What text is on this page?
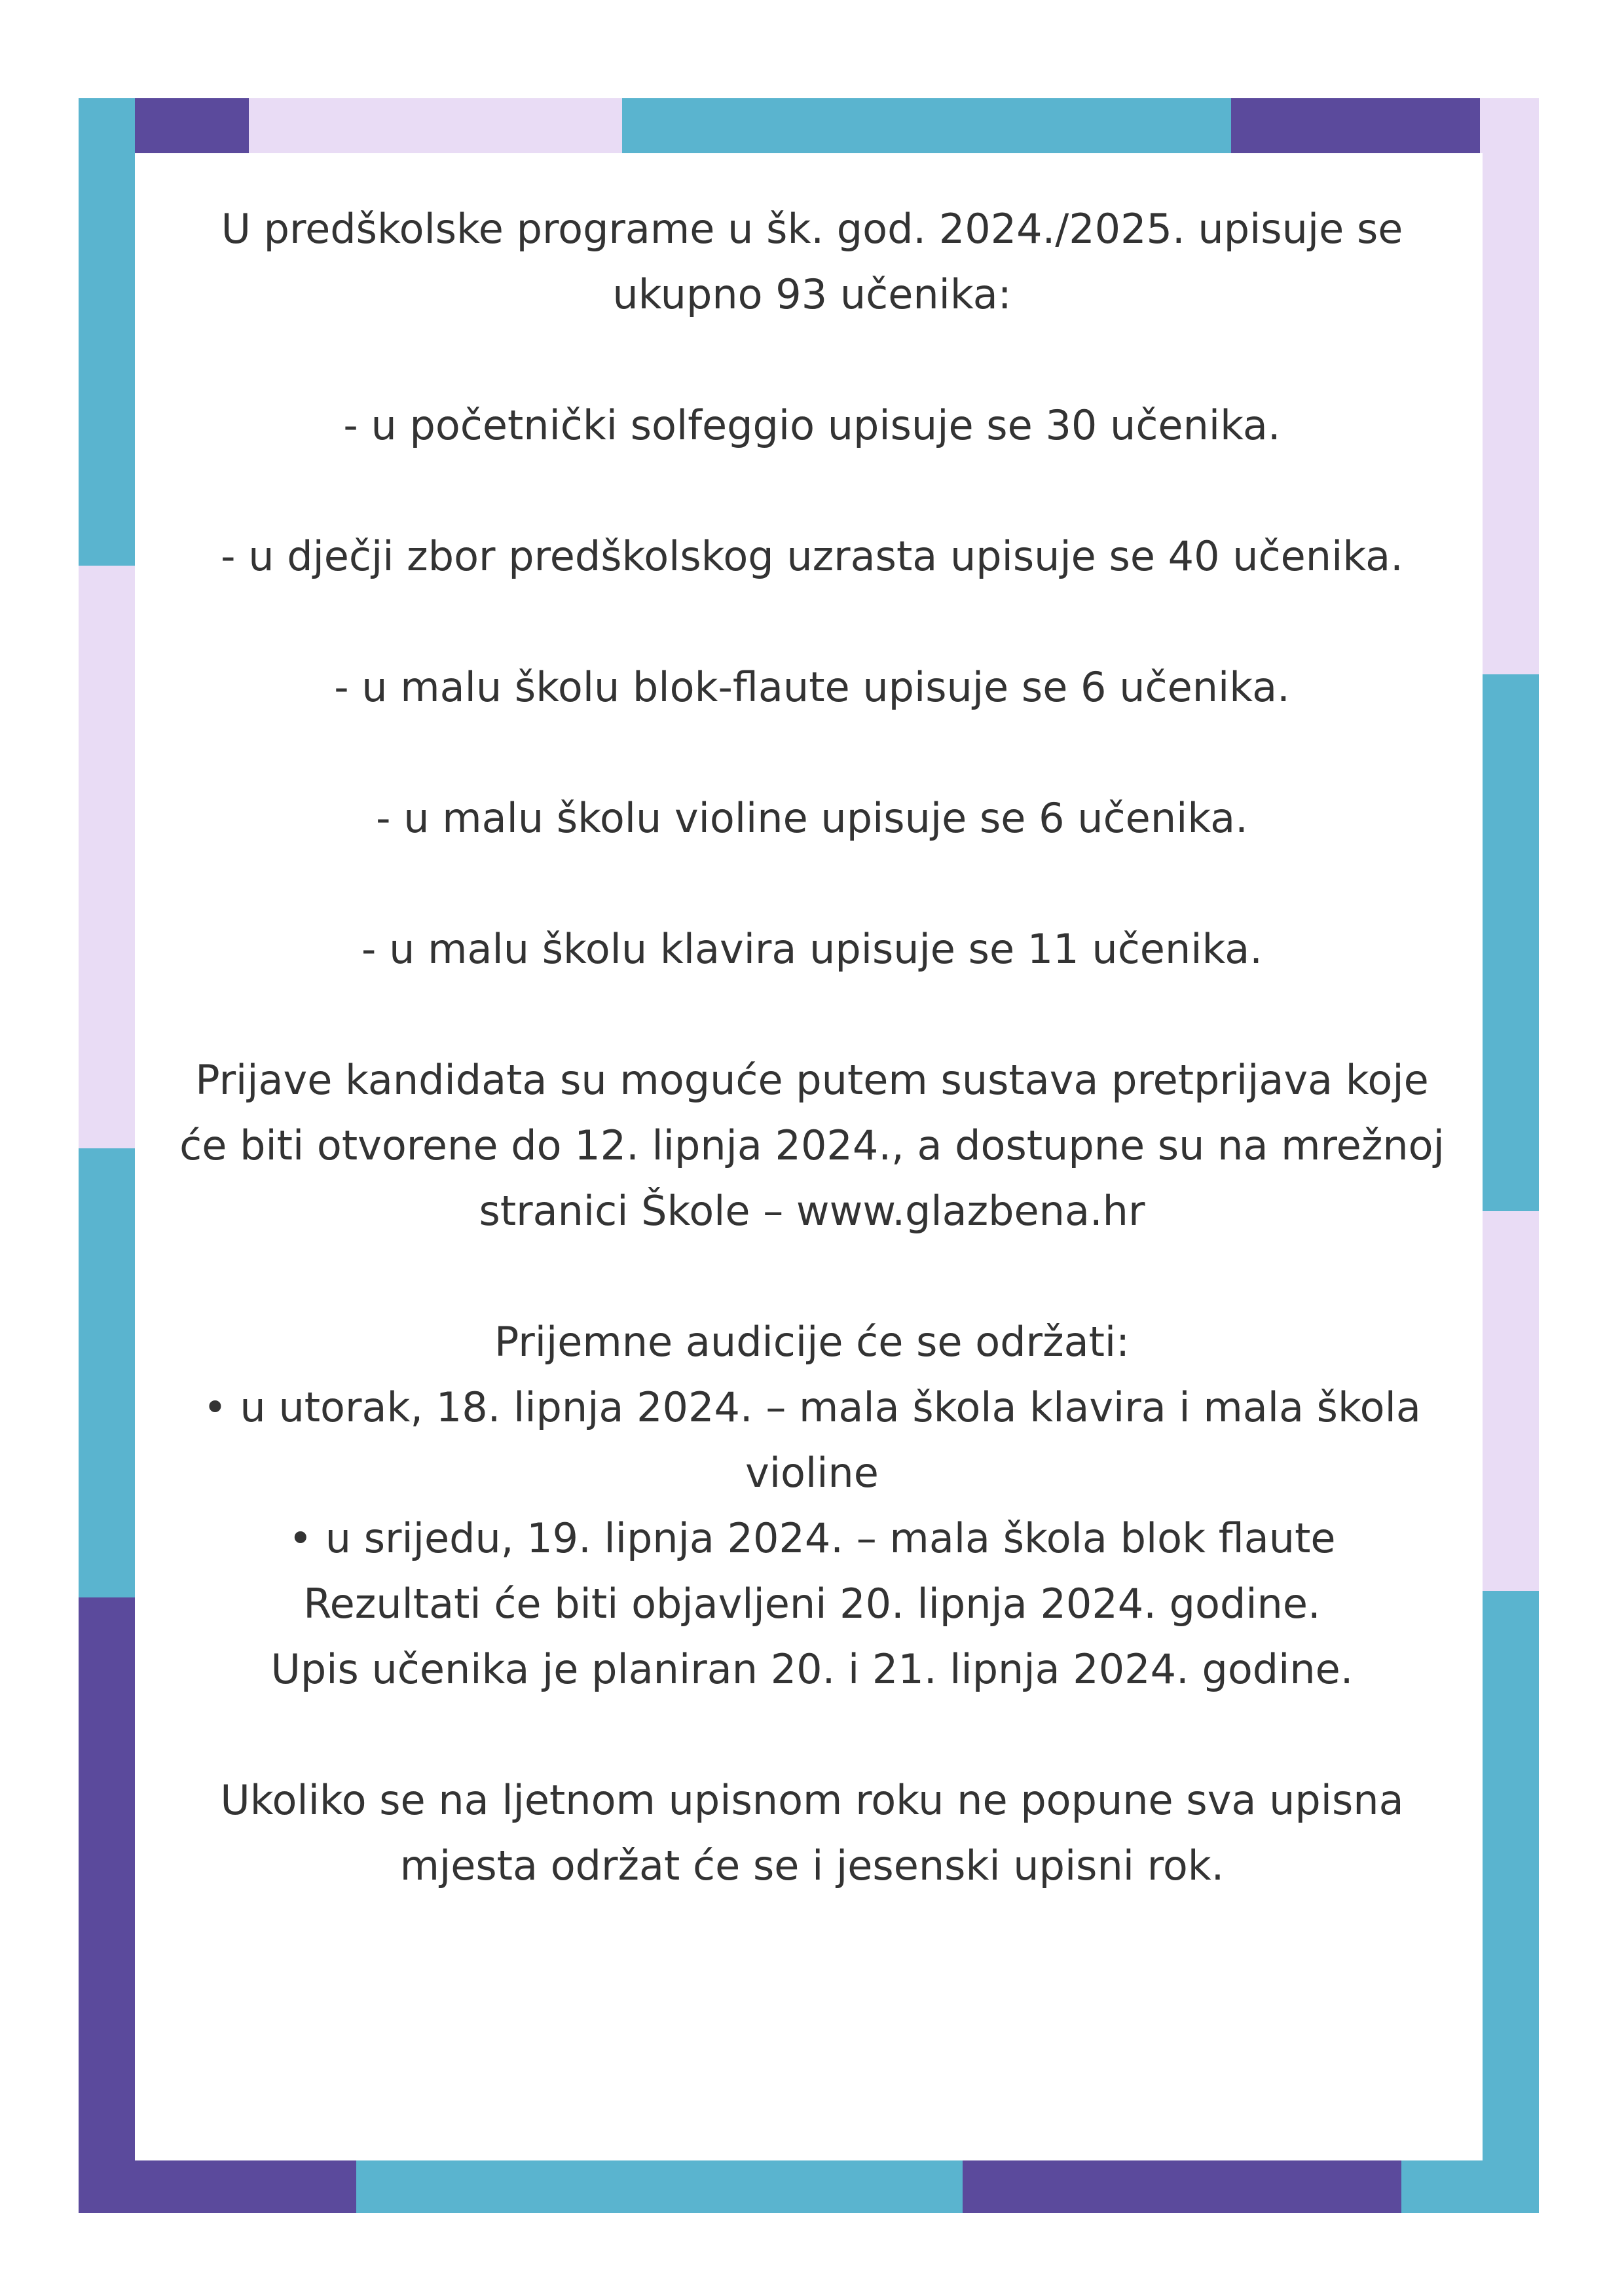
U predškolske programe u šk. god. 2024./2025. upisuje se

ukupno 93 učenika:

- u početnički solfeggio upisuje se 30 učenika.

- u dječji zbor predškolskog uzrasta upisuje se 40 učenika.

- u malu školu blok-flaute upisuje se 6 učenika.

- u malu školu violine upisuje se 6 učenika.

- u malu školu klavira upisuje se 11 učenika.

Prijave kandidata su moguće putem sustava pretprijava koje

će biti otvorene do 12. lipnja 2024., a dostupne su na mrežnoj

stranici Škole – www.glazbena.hr

Prijemne audicije će se održati:

• u utorak, 18. lipnja 2024. – mala škola klavira i mala škola

violine

• u srijedu, 19. lipnja 2024. – mala škola blok flaute

Rezultati će biti objavljeni 20. lipnja 2024. godine.

Upis učenika je planiran 20. i 21. lipnja 2024. godine.

Ukoliko se na ljetnom upisnom roku ne popune sva upisna

mjesta održat će se i jesenski upisni rok.
